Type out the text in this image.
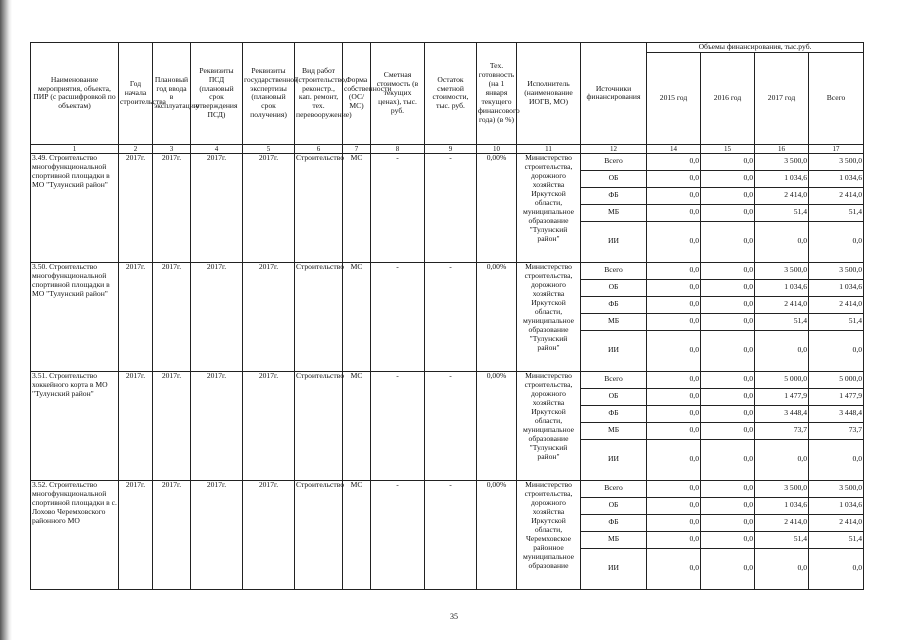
Наименование мероприятия, объекта, ПИР (с расшифровкой по объектам)	Год начала строительства	Плановый год ввода в эксплуатацию	Реквизиты ПСД (плановый срок утверждения ПСД)	Реквизиты государственной экспертизы (плановый срок получения)	Вид работ (строительство, реконстр., кап. ремонт, тех. перевооружение)	Форма собственности (ОС/МС)	Сметная стоимость (в текущих ценах), тыс. руб.	Остаток сметной стоимости, тыс. руб.	Тех. готовность (на 1 января текущего финансового года) (в %)	Исполнитель (наименование ИОГВ, МО)	Источники финансирования	Объемы финансирования, тыс.руб.			
												2015 год	2016 год	2017 год	Всего
1	2	3	4	5	6	7	8	9	10	11	12	14	15	16	17
3.49. Строительство многофункциональной спортивной площадки в МО "Тулунский район"	2017г.	2017г.	2017г.	2017г.	Строительство	МС	-	-	0,00%	Министерство строительства, дорожного хозяйства Иркутской области, муниципальное образование "Тулунский район"	Всего	0,0	0,0	3 500,0	3 500,0
											ОБ	0,0	0,0	1 034,6	1 034,6
											ФБ	0,0	0,0	2 414,0	2 414,0
											МБ	0,0	0,0	51,4	51,4
											ИИ	0,0	0,0	0,0	0,0
3.50. Строительство многофункциональной спортивной площадки в МО "Тулунский район"	2017г.	2017г.	2017г.	2017г.	Строительство	МС	-	-	0,00%	Министерство строительства, дорожного хозяйства Иркутской области, муниципальное образование "Тулунский район"	Всего	0,0	0,0	3 500,0	3 500,0
											ОБ	0,0	0,0	1 034,6	1 034,6
											ФБ	0,0	0,0	2 414,0	2 414,0
											МБ	0,0	0,0	51,4	51,4
											ИИ	0,0	0,0	0,0	0,0
3.51. Строительство хоккейного корта в МО "Тулунский район"	2017г.	2017г.	2017г.	2017г.	Строительство	МС	-	-	0,00%	Министерство строительства, дорожного хозяйства Иркутской области, муниципальное образование "Тулунский район"	Всего	0,0	0,0	5 000,0	5 000,0
											ОБ	0,0	0,0	1 477,9	1 477,9
											ФБ	0,0	0,0	3 448,4	3 448,4
											МБ	0,0	0,0	73,7	73,7
											ИИ	0,0	0,0	0,0	0,0
3.52. Строительство многофункциональной спортивной площадки в с. Лохово Черемховского районного МО	2017г.	2017г.	2017г.	2017г.	Строительство	МС	-	-	0,00%	Министерство строительства, дорожного хозяйства Иркутской области, Черемховское районное муниципальное образование	Всего	0,0	0,0	3 500,0	3 500,0
											ОБ	0,0	0,0	1 034,6	1 034,6
											ФБ	0,0	0,0	2 414,0	2 414,0
											МБ	0,0	0,0	51,4	51,4
											ИИ	0,0	0,0	0,0	0,0
35
